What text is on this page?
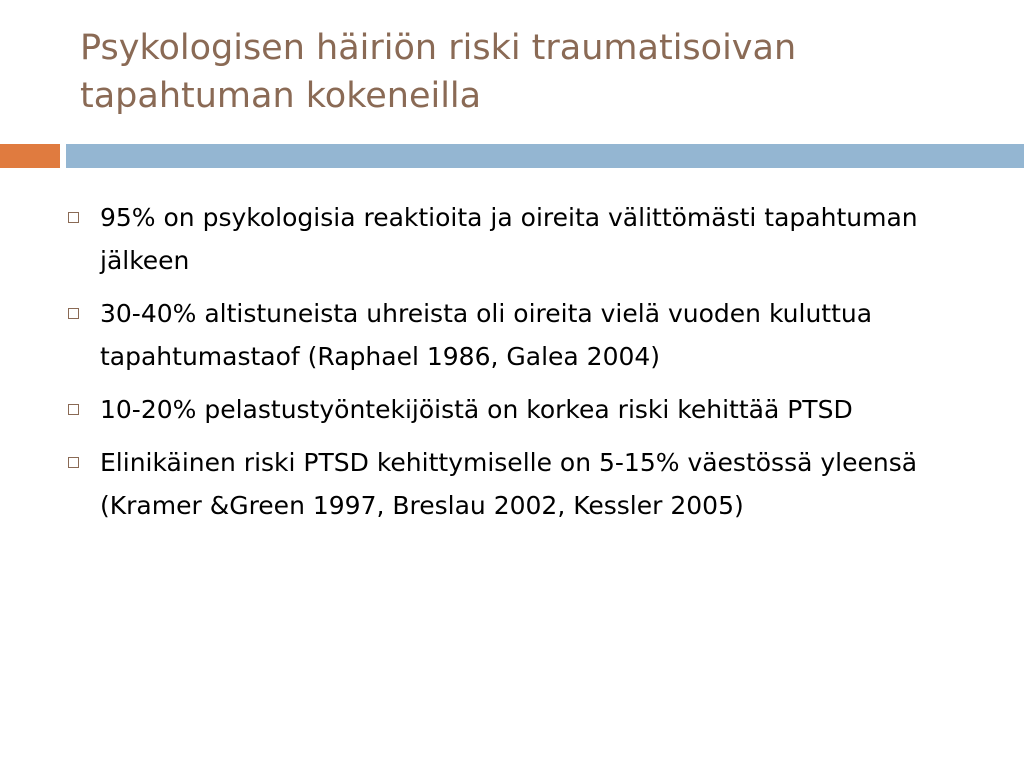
Psykologisen häiriön riski traumatisoivan
tapahtuman kokeneilla
95% on psykologisia reaktioita ja oireita välittömästi tapahtuman jälkeen
30-40% altistuneista uhreista oli oireita vielä vuoden kuluttua tapahtumastaof (Raphael 1986, Galea 2004)
10-20% pelastustyöntekijöistä on korkea riski kehittää PTSD
Elinikäinen riski PTSD kehittymiselle on 5-15% väestössä yleensä (Kramer &Green 1997, Breslau 2002, Kessler 2005)
